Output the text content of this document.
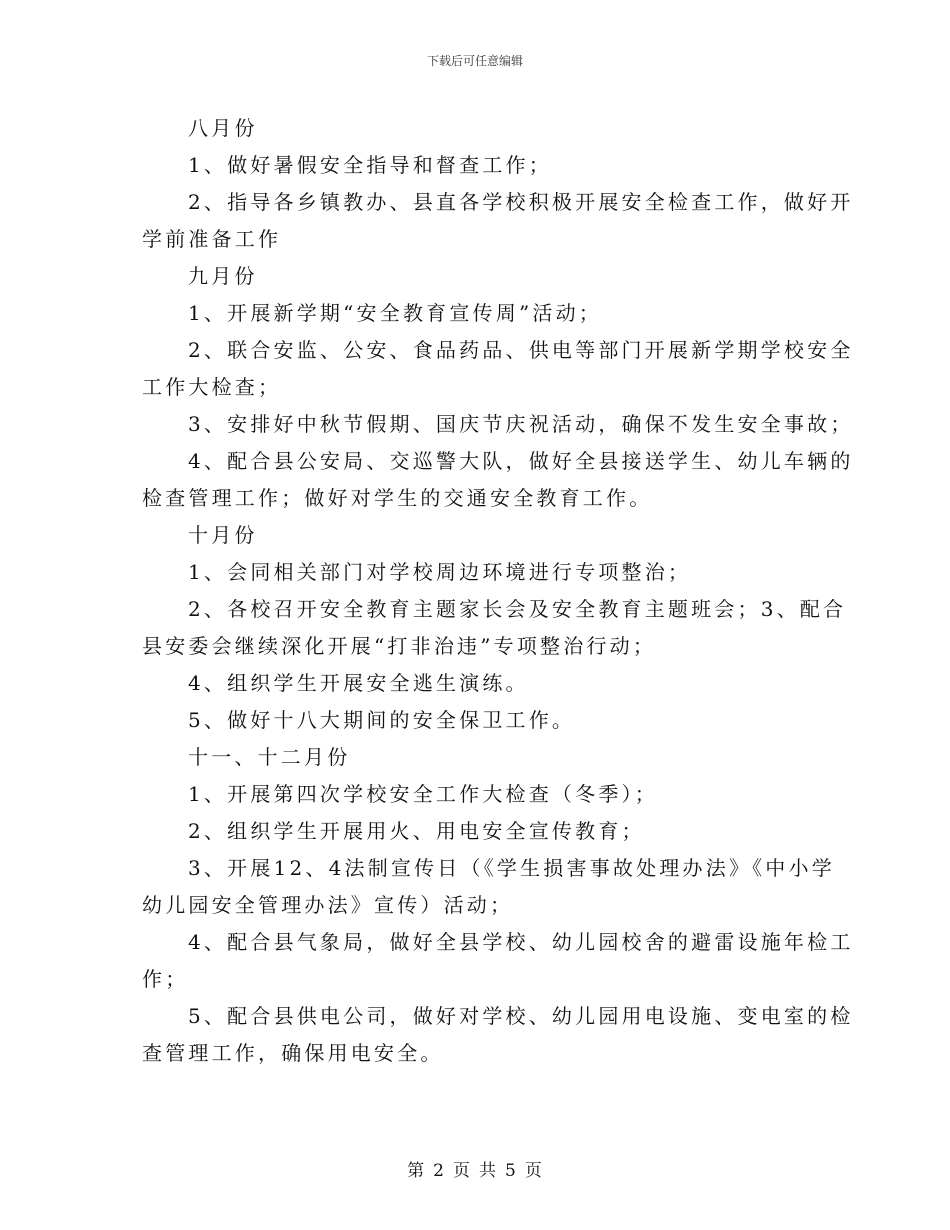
下载后可任意编辑
八月份
1、做好暑假安全指导和督查工作；
2、指导各乡镇教办、县直各学校积极开展安全检查工作，做好开
学前准备工作
九月份
1、开展新学期“安全教育宣传周”活动；
2、联合安监、公安、食品药品、供电等部门开展新学期学校安全
工作大检查；
3、安排好中秋节假期、国庆节庆祝活动，确保不发生安全事故；
4、配合县公安局、交巡警大队，做好全县接送学生、幼儿车辆的
检查管理工作；做好对学生的交通安全教育工作。
十月份
1、会同相关部门对学校周边环境进行专项整治；
2、各校召开安全教育主题家长会及安全教育主题班会；3、配合
县安委会继续深化开展“打非治违”专项整治行动；
4、组织学生开展安全逃生演练。
5、做好十八大期间的安全保卫工作。
十一、十二月份
1、开展第四次学校安全工作大检查（冬季）；
2、组织学生开展用火、用电安全宣传教育；
3、开展12、4法制宣传日（《学生损害事故处理办法》《中小学
幼儿园安全管理办法》宣传）活动；
4、配合县气象局，做好全县学校、幼儿园校舍的避雷设施年检工
作；
5、配合县供电公司，做好对学校、幼儿园用电设施、变电室的检
查管理工作，确保用电安全。
第 2 页 共 5 页
